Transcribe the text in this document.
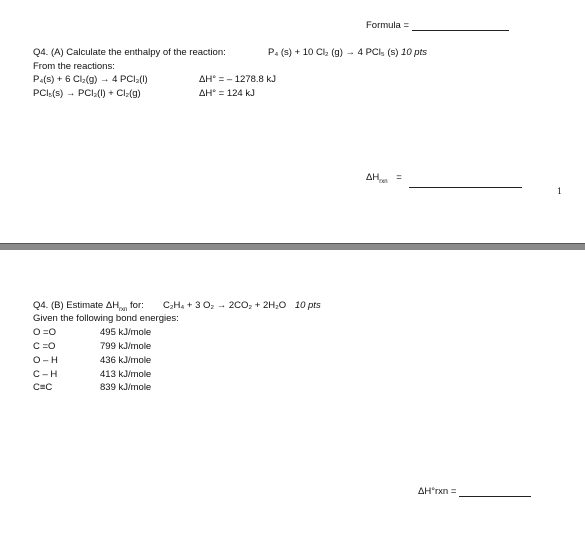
Formula =
Q4. (A) Calculate the enthalpy of the reaction:	P₄ (s) + 10 Cl₂ (g) → 4 PCl₅ (s) 10 pts
From the reactions:
P₄(s) + 6 Cl₂(g) → 4 PCl₃(l)	ΔH° = – 1278.8 kJ
PCl₅(s) → PCl₃(l) + Cl₂(g)	ΔH° = 124 kJ
$\Delta H_{rxn}$ =
1
Q4. (B) Estimate $\Delta H_{rxn}$ for: C₂H₄ + 3 O₂ → 2CO₂ + 2H₂O 10 pts
Given the following bond energies:
O =O	495 kJ/mole
C =O	799 kJ/mole
O – H	436 kJ/mole
C – H	413 kJ/mole
C≡C	839 kJ/mole
ΔH°rxn =
